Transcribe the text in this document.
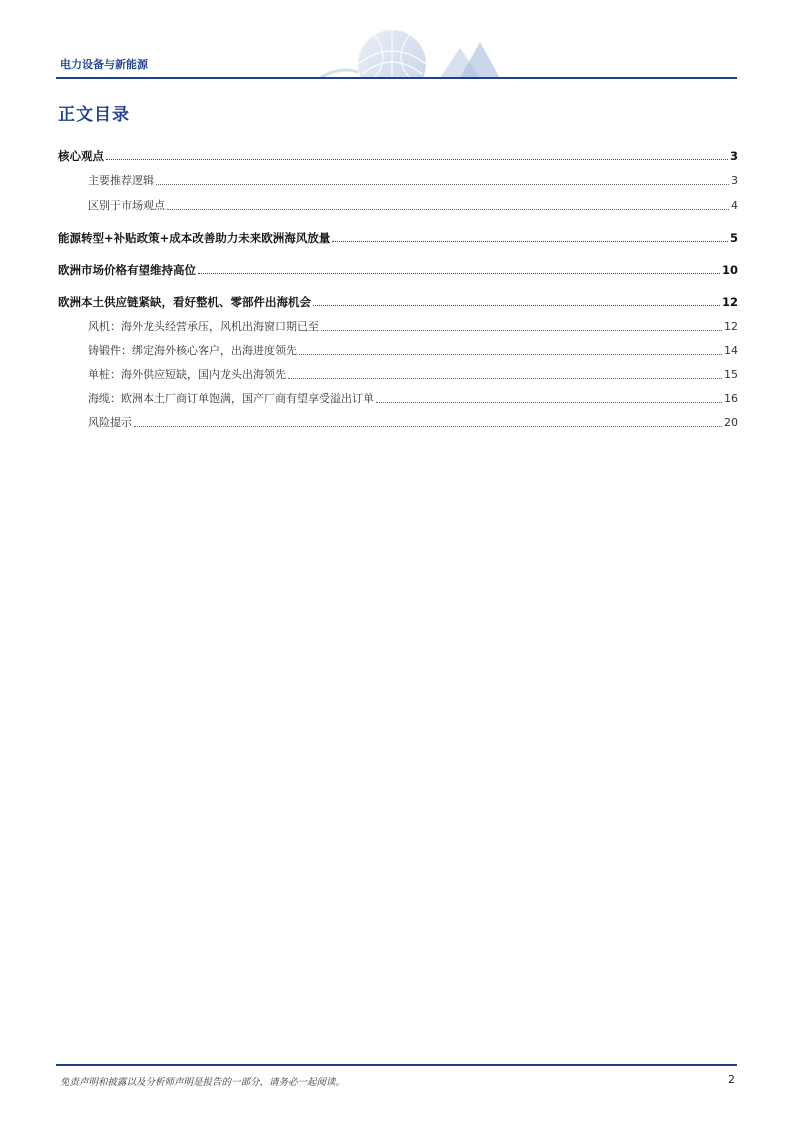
电力设备与新能源
正文目录
核心观点	3
主要推荐逻辑	3
区别于市场观点	4
能源转型+补贴政策+成本改善助力未来欧洲海风放量	5
欧洲市场价格有望维持高位	10
欧洲本土供应链紧缺，看好整机、零部件出海机会	12
风机：海外龙头经营承压，风机出海窗口期已至	12
铸锻件：绑定海外核心客户，出海进度领先	14
单桩：海外供应短缺，国内龙头出海领先	15
海缆：欧洲本土厂商订单饱满，国产厂商有望享受溢出订单	16
风险提示	20
免责声明和披露以及分析师声明是报告的一部分，请务必一起阅读。	2
